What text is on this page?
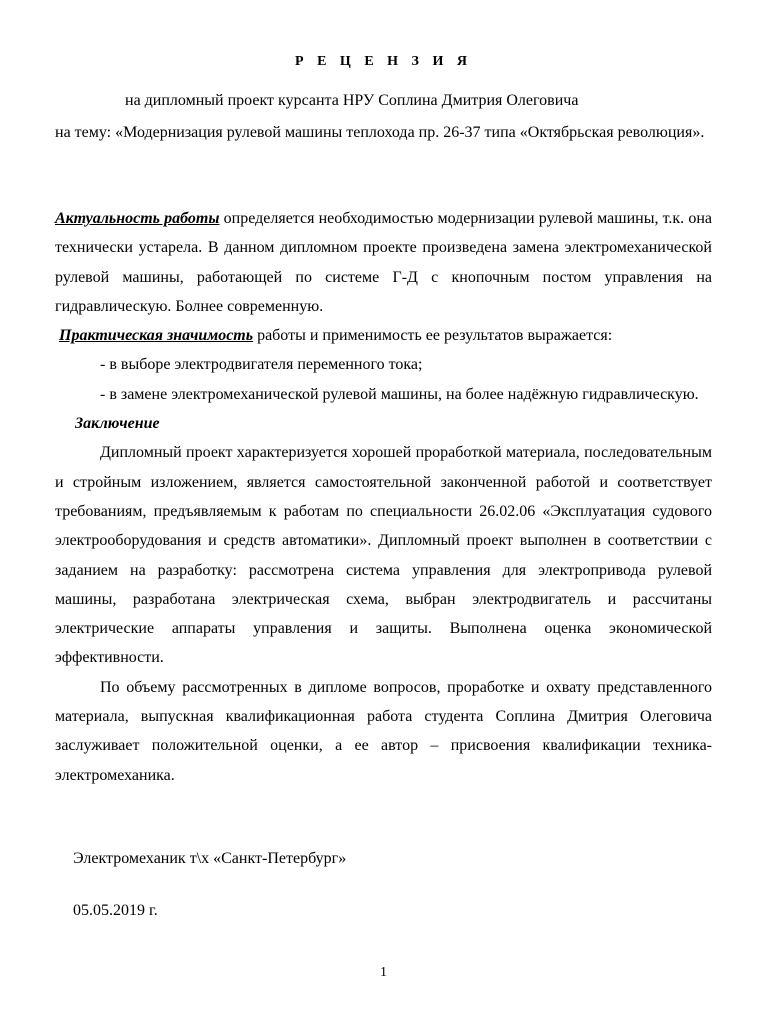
Р Е Ц Е Н З И Я
на дипломный проект курсанта НРУ Соплина Дмитрия Олеговича
на тему: «Модернизация рулевой машины теплохода пр. 26-37 типа «Октябрьская революция».

Актуальность работы определяется необходимостью модернизации рулевой машины, т.к. она технически устарела. В данном дипломном проекте произведена замена электромеханической рулевой машины, работающей по системе Г-Д с кнопочным постом управления на гидравлическую. Болнее современную.

Практическая значимость работы и применимость ее результатов выражается:

- в выборе электродвигателя переменного тока;

- в замене электромеханической рулевой машины, на более надёжную гидравлическую.

Заключение

Дипломный проект характеризуется хорошей проработкой материала, последовательным и стройным изложением, является самостоятельной законченной работой и соответствует требованиям, предъявляемым к работам по специальности 26.02.06 «Эксплуатация судового электрооборудования и средств автоматики». Дипломный проект выполнен в соответствии с заданием на разработку: рассмотрена система управления для электропривода рулевой машины, разработана электрическая схема, выбран электродвигатель и рассчитаны электрические аппараты управления и защиты. Выполнена оценка экономической эффективности.

По объему рассмотренных в дипломе вопросов, проработке и охвату представленного материала, выпускная квалификационная работа студента Соплина Дмитрия Олеговича заслуживает положительной оценки, а ее автор – присвоения квалификации техника-электромеханика.

Электромеханик т\х «Санкт-Петербург»
05.05.2019 г.
1
